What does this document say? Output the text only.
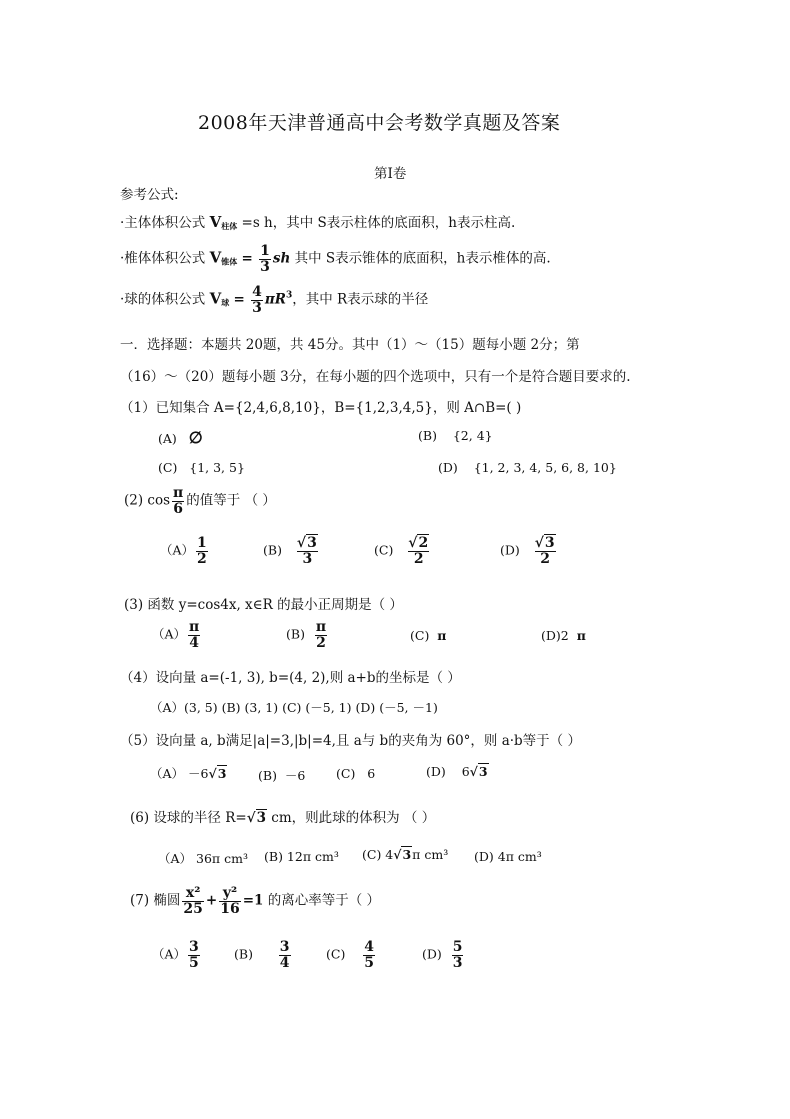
2008年天津普通高中会考数学真题及答案
第Ⅰ卷
参考公式:
·主体体积公式 $V_{柱体} =s$ h，其中 S表示柱体的底面积，h表示柱高.
·椎体体积公式 $V_{锥体} = \frac{1}{3}$ sh 其中 S表示锥体的底面积，h表示椎体的高.
·球的体积公式 $V_球 = \frac{4}{3} \pi R^3$，其中 R表示球的半径
一．选择题：本题共 20题，共 45分。其中（1）～（15）题每小题 2分；第
（16）～（20）题每小题 3分，在每小题的四个选项中，只有一个是符合题目要求的.
（1）已知集合 A={2,4,6,8,10}，B={1,2,3,4,5}，则 A∩B=( )
(A) ∅	(B) {2, 4}
(C) {1, 3, 5}	(D) {1, 2, 3, 4, 5, 6, 8, 10}
(2) $\cos \frac{\pi}{6}$ 的值等于 （ ）
$(A) \frac{1}{2}$	(B) √3
3
(C) √2
2
(D) √3
2
(3) 函数 y=cos4x, x∈R 的最小正周期是（ ）
$(A) \frac{\pi}{4}$	$(B) \frac{\pi}{2}$	(C) π	(D)2 π
（4）设向量 a=(-1, 3), b=(4, 2),则 a+b的坐标是（ ）
（A）(3, 5) (B) (3, 1) (C) (－5, 1) (D) (－5, －1)
（5）设向量 a, b满足|a|=3,|b|=4,且 a与 b的夹角为 60°，则 a·b等于（ ）
（A） －6√3	(B) －6 (C) 6	(D) 6√3
(6) 设球的半径 R=√3 cm，则此球的体积为 （ ）
（A） 36π cm³ (B) 12π cm³ (C) 4√3π cm³ (D) 4π cm³
(7) 椭圆 $\frac{\text{x²}}{25} + \frac{\text{y²}}{16} =1$ 的离心率等于（ ）
$(A) \frac{3}{5}$	$(B) \frac{3}{4}$	$(C) \frac{4}{5}$	$(D) \frac{5}{3}$
